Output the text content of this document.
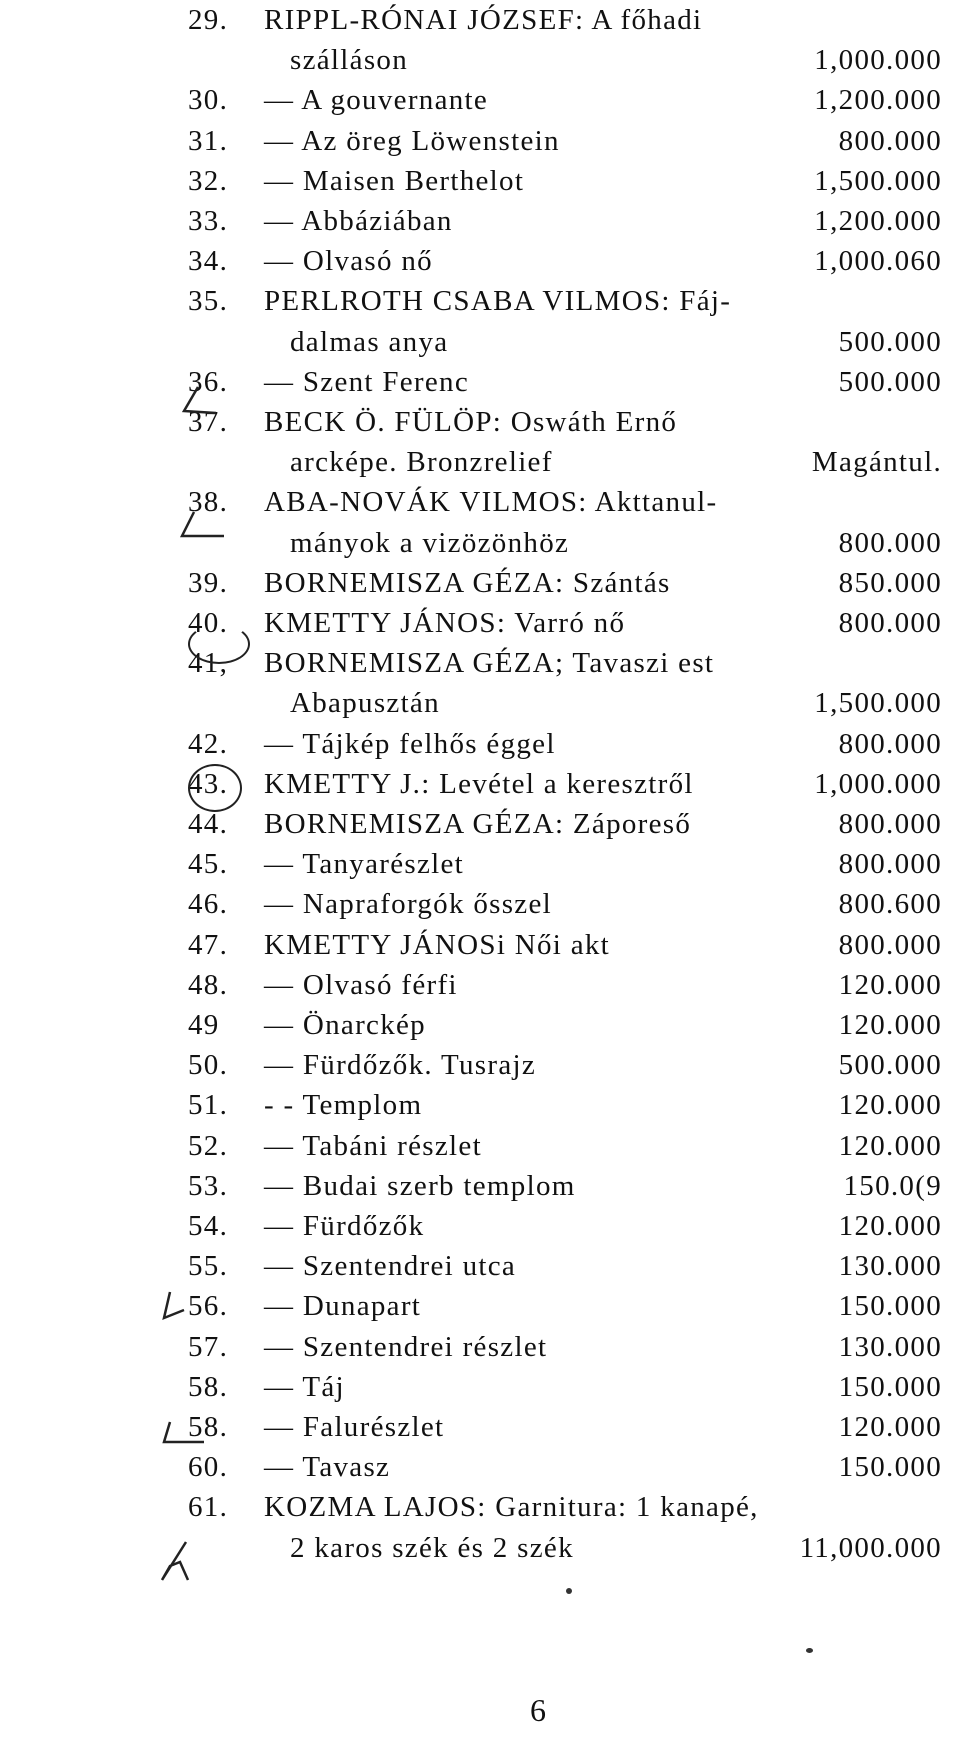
29. RIPPL-RÓNAI JÓZSEF: A főhadi
szálláson	1,000.000
30. — A gouvernante	1,200.000
31. — Az öreg Löwenstein	800.000
32. — Maisen Berthelot	1,500.000
33. — Abbáziában	1,200.000
34. — Olvasó nő	1,000.060
35. PERLROTH CSABA VILMOS: Fáj-
dalmas anya	500.000
36. — Szent Ferenc	500.000
37. BECK Ö. FÜLÖP: Oswáth Ernő
arcképe. Bronzrelief	Magántul.
38. ABA-NOVÁK VILMOS: Akttanul-
mányok a vizözönhöz	800.000
39. BORNEMISZA GÉZA: Szántás	850.000
40. KMETTY JÁNOS: Varró nő	800.000
41, BORNEMISZA GÉZA; Tavaszi est
Abapusztán	1,500.000
42. — Tájkép felhős éggel	800.000
43. KMETTY J.: Levétel a keresztről	1,000.000
44. BORNEMISZA GÉZA: Záporeső	800.000
45. — Tanyarészlet	800.000
46. — Napraforgók ősszel	800.600
47. KMETTY JÁNOSi Női akt	800.000
48. — Olvasó férfi	120.000
49 — Önarckép	120.000
50. — Fürdőzők. Tusrajz	500.000
51. - - Templom	120.000
52. — Tabáni részlet	120.000
53. — Budai szerb templom	150.0(9
54. — Fürdőzők	120.000
55. — Szentendrei utca	130.000
56. — Dunapart	150.000
57. — Szentendrei részlet	130.000
58. — Táj	150.000
58. — Falurészlet	120.000
60. — Tavasz	150.000
61. KOZMA LAJOS: Garnitura: 1 kanapé,
2 karos szék és 2 szék	11,000.000
6
